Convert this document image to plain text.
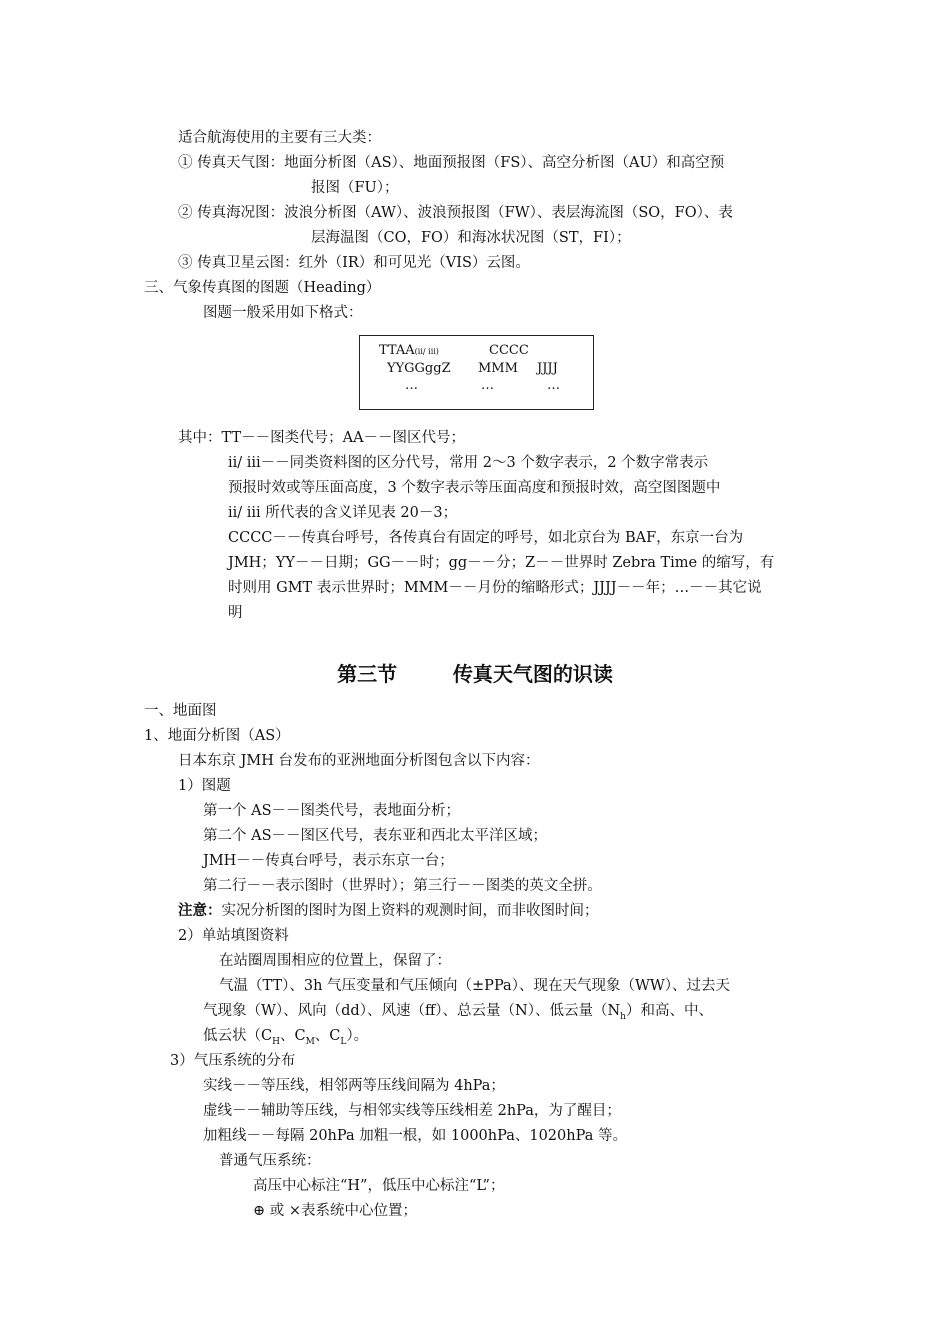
适合航海使用的主要有三大类：
① 传真天气图：地面分析图（AS）、地面预报图（FS）、高空分析图（AU）和高空预
报图（FU）；
② 传真海况图：波浪分析图（AW）、波浪预报图（FW）、表层海流图（SO，FO）、表
层海温图（CO，FO）和海冰状况图（ST，FI）；
③ 传真卫星云图：红外（IR）和可见光（VIS）云图。
三、气象传真图的图题（Heading）
图题一般采用如下格式：
TTAA(ii/ iii)	CCCC
YYGGggZ MMM JJJJ
…	…	…
其中：TT－－图类代号；AA－－图区代号；
ii/ iii－－同类资料图的区分代号，常用 2～3 个数字表示，2 个数字常表示
预报时效或等压面高度，3 个数字表示等压面高度和预报时效，高空图图题中
ii/ iii 所代表的含义详见表 20－3；
CCCC－－传真台呼号，各传真台有固定的呼号，如北京台为 BAF，东京一台为
JMH；YY－－日期；GG－－时；gg－－分；Z－－世界时 Zebra Time 的缩写，有
时则用 GMT 表示世界时；MMM－－月份的缩略形式；JJJJ－－年；…－－其它说
明
第三节        传真天气图的识读
一、地面图
1、地面分析图（AS）
日本东京 JMH 台发布的亚洲地面分析图包含以下内容：
1）图题
第一个 AS－－图类代号，表地面分析；
第二个 AS－－图区代号，表东亚和西北太平洋区域；
JMH－－传真台呼号，表示东京一台；
第二行－－表示图时（世界时）；第三行－－图类的英文全拼。
注意：实况分析图的图时为图上资料的观测时间，而非收图时间；
2）单站填图资料
在站圈周围相应的位置上，保留了：
气温（TT）、3h 气压变量和气压倾向（±PPa）、现在天气现象（WW）、过去天
气现象（W）、风向（dd）、风速（ff）、总云量（N）、低云量$(N_h)$和高、中、
低云状（$C_H$、$C_M$、$C_L$）。
3）气压系统的分布
实线－－等压线，相邻两等压线间隔为 4hPa；
虚线－－辅助等压线，与相邻实线等压线相差 2hPa，为了醒目；
加粗线－－每隔 20hPa 加粗一根，如 1000hPa、1020hPa 等。
普通气压系统：
高压中心标注“H”，低压中心标注“L”；
⊕ 或 ×表系统中心位置；
